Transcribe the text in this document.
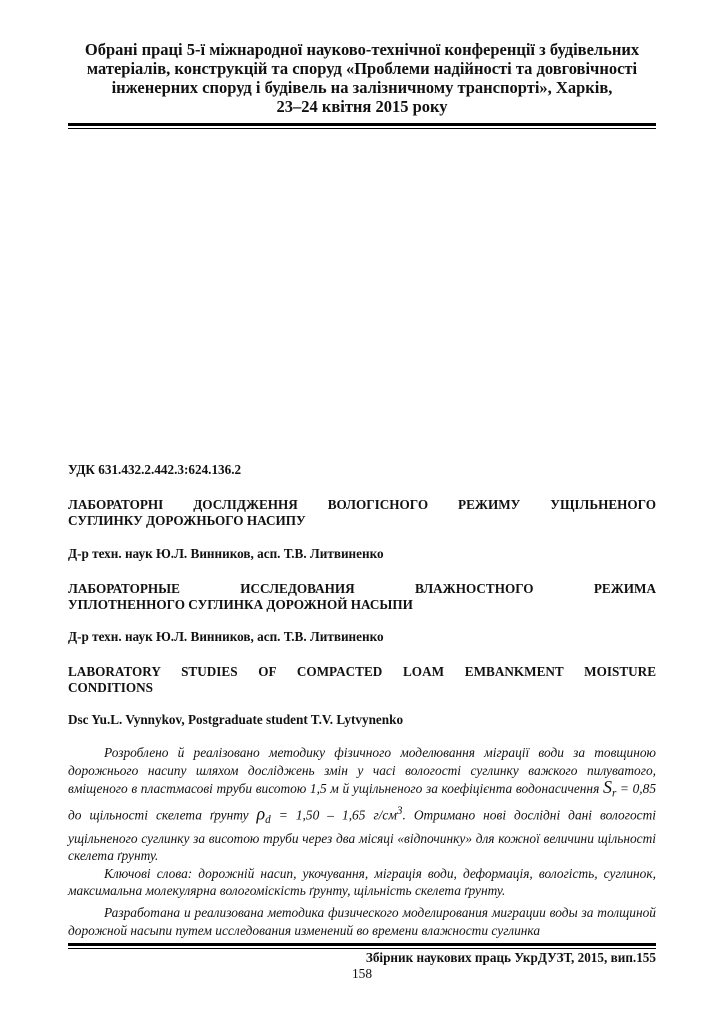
Обрані праці 5-ї міжнародної науково-технічної конференції з будівельних
матеріалів, конструкцій та споруд «Проблеми надійності та довговічності
інженерних споруд і будівель на залізничному транспорті», Харків,
23–24 квітня 2015 року
УДК 631.432.2.442.3:624.136.2
ЛАБОРАТОРНІ ДОСЛІДЖЕННЯ ВОЛОГІСНОГО РЕЖИМУ УЩІЛЬНЕНОГО
СУГЛИНКУ ДОРОЖНЬОГО НАСИПУ
Д-р техн. наук Ю.Л. Винников, асп. Т.В. Литвиненко
ЛАБОРАТОРНЫЕ ИССЛЕДОВАНИЯ ВЛАЖНОСТНОГО РЕЖИМА
УПЛОТНЕННОГО СУГЛИНКА ДОРОЖНОЙ НАСЫПИ
Д-р техн. наук Ю.Л. Винников, асп. Т.В. Литвиненко
LABORATORY STUDIES OF COMPACTED LOAM EMBANKMENT MOISTURE
CONDITIONS
Dsc Yu.L. Vynnykov, Postgraduate student T.V. Lytvynenko

Розроблено й реалізовано методику фізичного моделювання міграції води за товщиною дорожнього насипу шляхом досліджень змін у часі вологості суглинку важкого пилуватого, вміщеного в пластмасові труби висотою 1,5 м й ущільненого за коефіцієнта водонасичення $S_r = 0,85$ до щільності скелета ґрунту $\rho_d = 1,50 - 1,65$ $г/см^3$. Отримано нові дослідні дані вологості ущільненого суглинку за висотою труби через два місяці «відпочинку» для кожної величини щільності скелета ґрунту.

Ключові слова: дорожній насип, укочування, міграція води, деформація, вологість, суглинок, максимальна молекулярна вологоміскість ґрунту, щільність скелета ґрунту.

Разработана и реализована методика физического моделирования миграции воды за толщиной дорожной насыпи путем исследования изменений во времени влажности суглинка

Збірник наукових праць УкрДУЗТ, 2015, вип.155
158
